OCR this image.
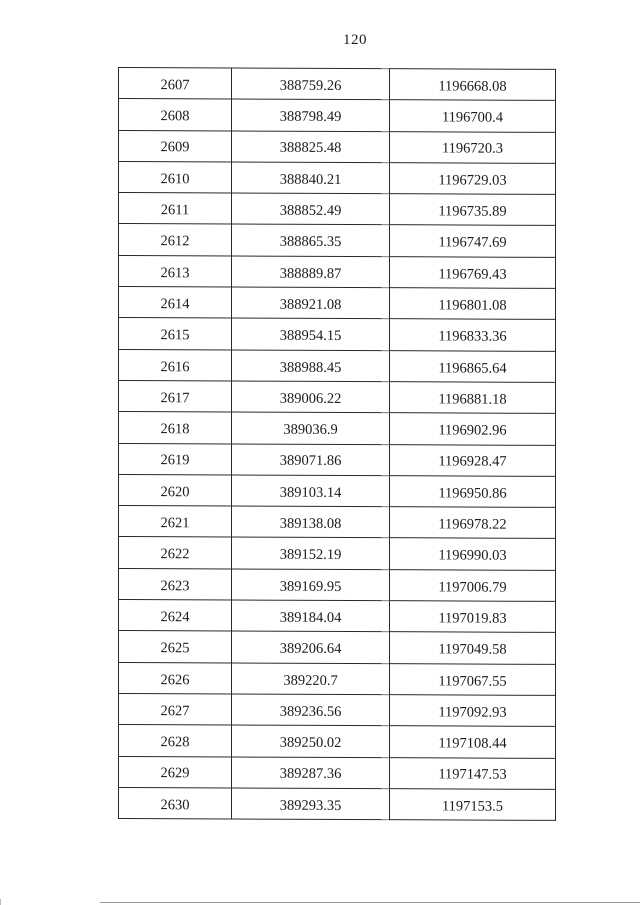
120
2607	388759.26	1196668.08
2608	388798.49	1196700.4
2609	388825.48	1196720.3
2610	388840.21	1196729.03
2611	388852.49	1196735.89
2612	388865.35	1196747.69
2613	388889.87	1196769.43
2614	388921.08	1196801.08
2615	388954.15	1196833.36
2616	388988.45	1196865.64
2617	389006.22	1196881.18
2618	389036.9	1196902.96
2619	389071.86	1196928.47
2620	389103.14	1196950.86
2621	389138.08	1196978.22
2622	389152.19	1196990.03
2623	389169.95	1197006.79
2624	389184.04	1197019.83
2625	389206.64	1197049.58
2626	389220.7	1197067.55
2627	389236.56	1197092.93
2628	389250.02	1197108.44
2629	389287.36	1197147.53
2630	389293.35	1197153.5
